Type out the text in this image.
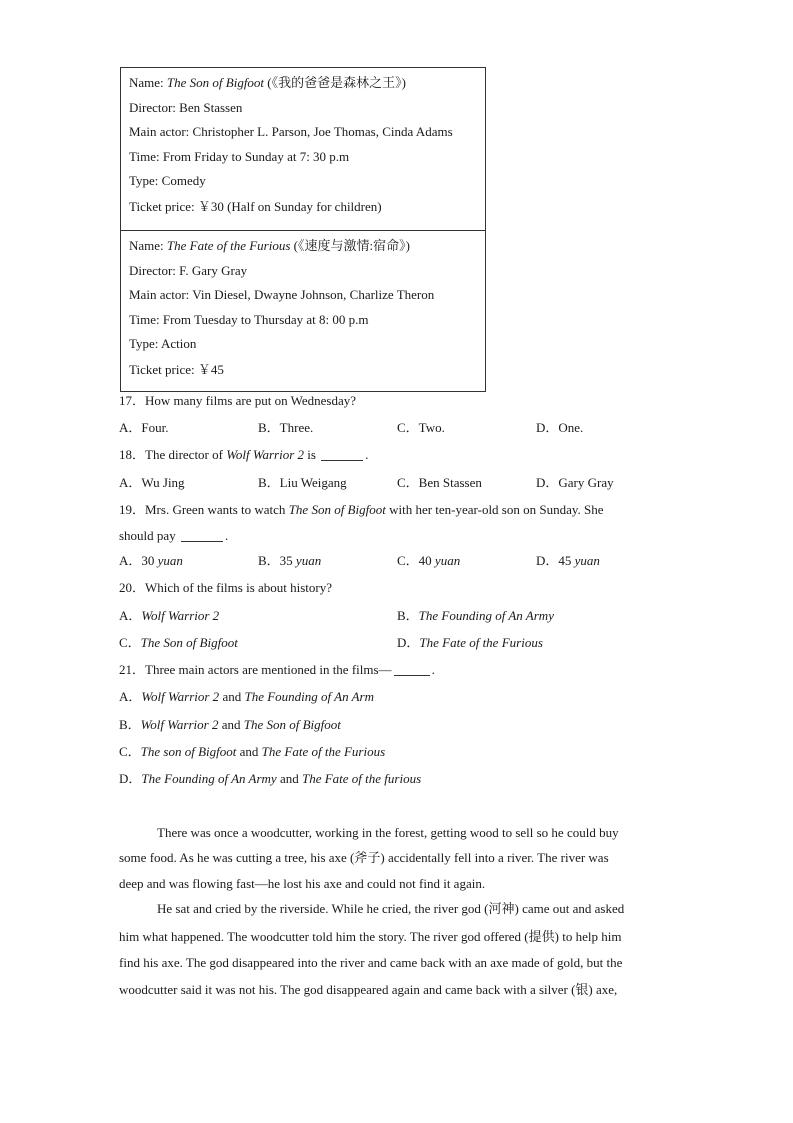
Name: The Son of Bigfoot (《我的爸爸是森林之王》)
Director: Ben Stassen
Main actor: Christopher L. Parson, Joe Thomas, Cinda Adams
Time: From Friday to Sunday at 7: 30 p.m
Type: Comedy
Ticket price: ￥30 (Half on Sunday for children)
Name: The Fate of the Furious (《速度与激情:宿命》)
Director: F. Gary Gray
Main actor: Vin Diesel, Dwayne Johnson, Charlize Theron
Time: From Tuesday to Thursday at 8: 00 p.m
Type: Action
Ticket price: ￥45
17．How many films are put on Wednesday?
A．Four.	B．Three.	C．Two.	D．One.
18．The director of Wolf Warrior 2 is	.
A．Wu Jing	B．Liu Weigang	C．Ben Stassen	D．Gary Gray
19．Mrs. Green wants to watch The Son of Bigfoot with her ten-year-old son on Sunday. She
should pay	.
A．30 yuan	B．35 yuan	C．40 yuan	D．45 yuan
20．Which of the films is about history?
A．Wolf Warrior 2	B．The Founding of An Army
C．The Son of Bigfoot	D．The Fate of the Furious
21．Three main actors are mentioned in the films—	.
A．Wolf Warrior 2 and The Founding of An Arm
B．Wolf Warrior 2 and The Son of Bigfoot
C．The son of Bigfoot and The Fate of the Furious
D．The Founding of An Army and The Fate of the furious
There was once a woodcutter, working in the forest, getting wood to sell so he could buy
some food. As he was cutting a tree, his axe (斧子) accidentally fell into a river. The river was
deep and was flowing fast—he lost his axe and could not find it again.
He sat and cried by the riverside. While he cried, the river god (河神) came out and asked
him what happened. The woodcutter told him the story. The river god offered (提供) to help him
find his axe. The god disappeared into the river and came back with an axe made of gold, but the
woodcutter said it was not his. The god disappeared again and came back with a silver (银) axe,
